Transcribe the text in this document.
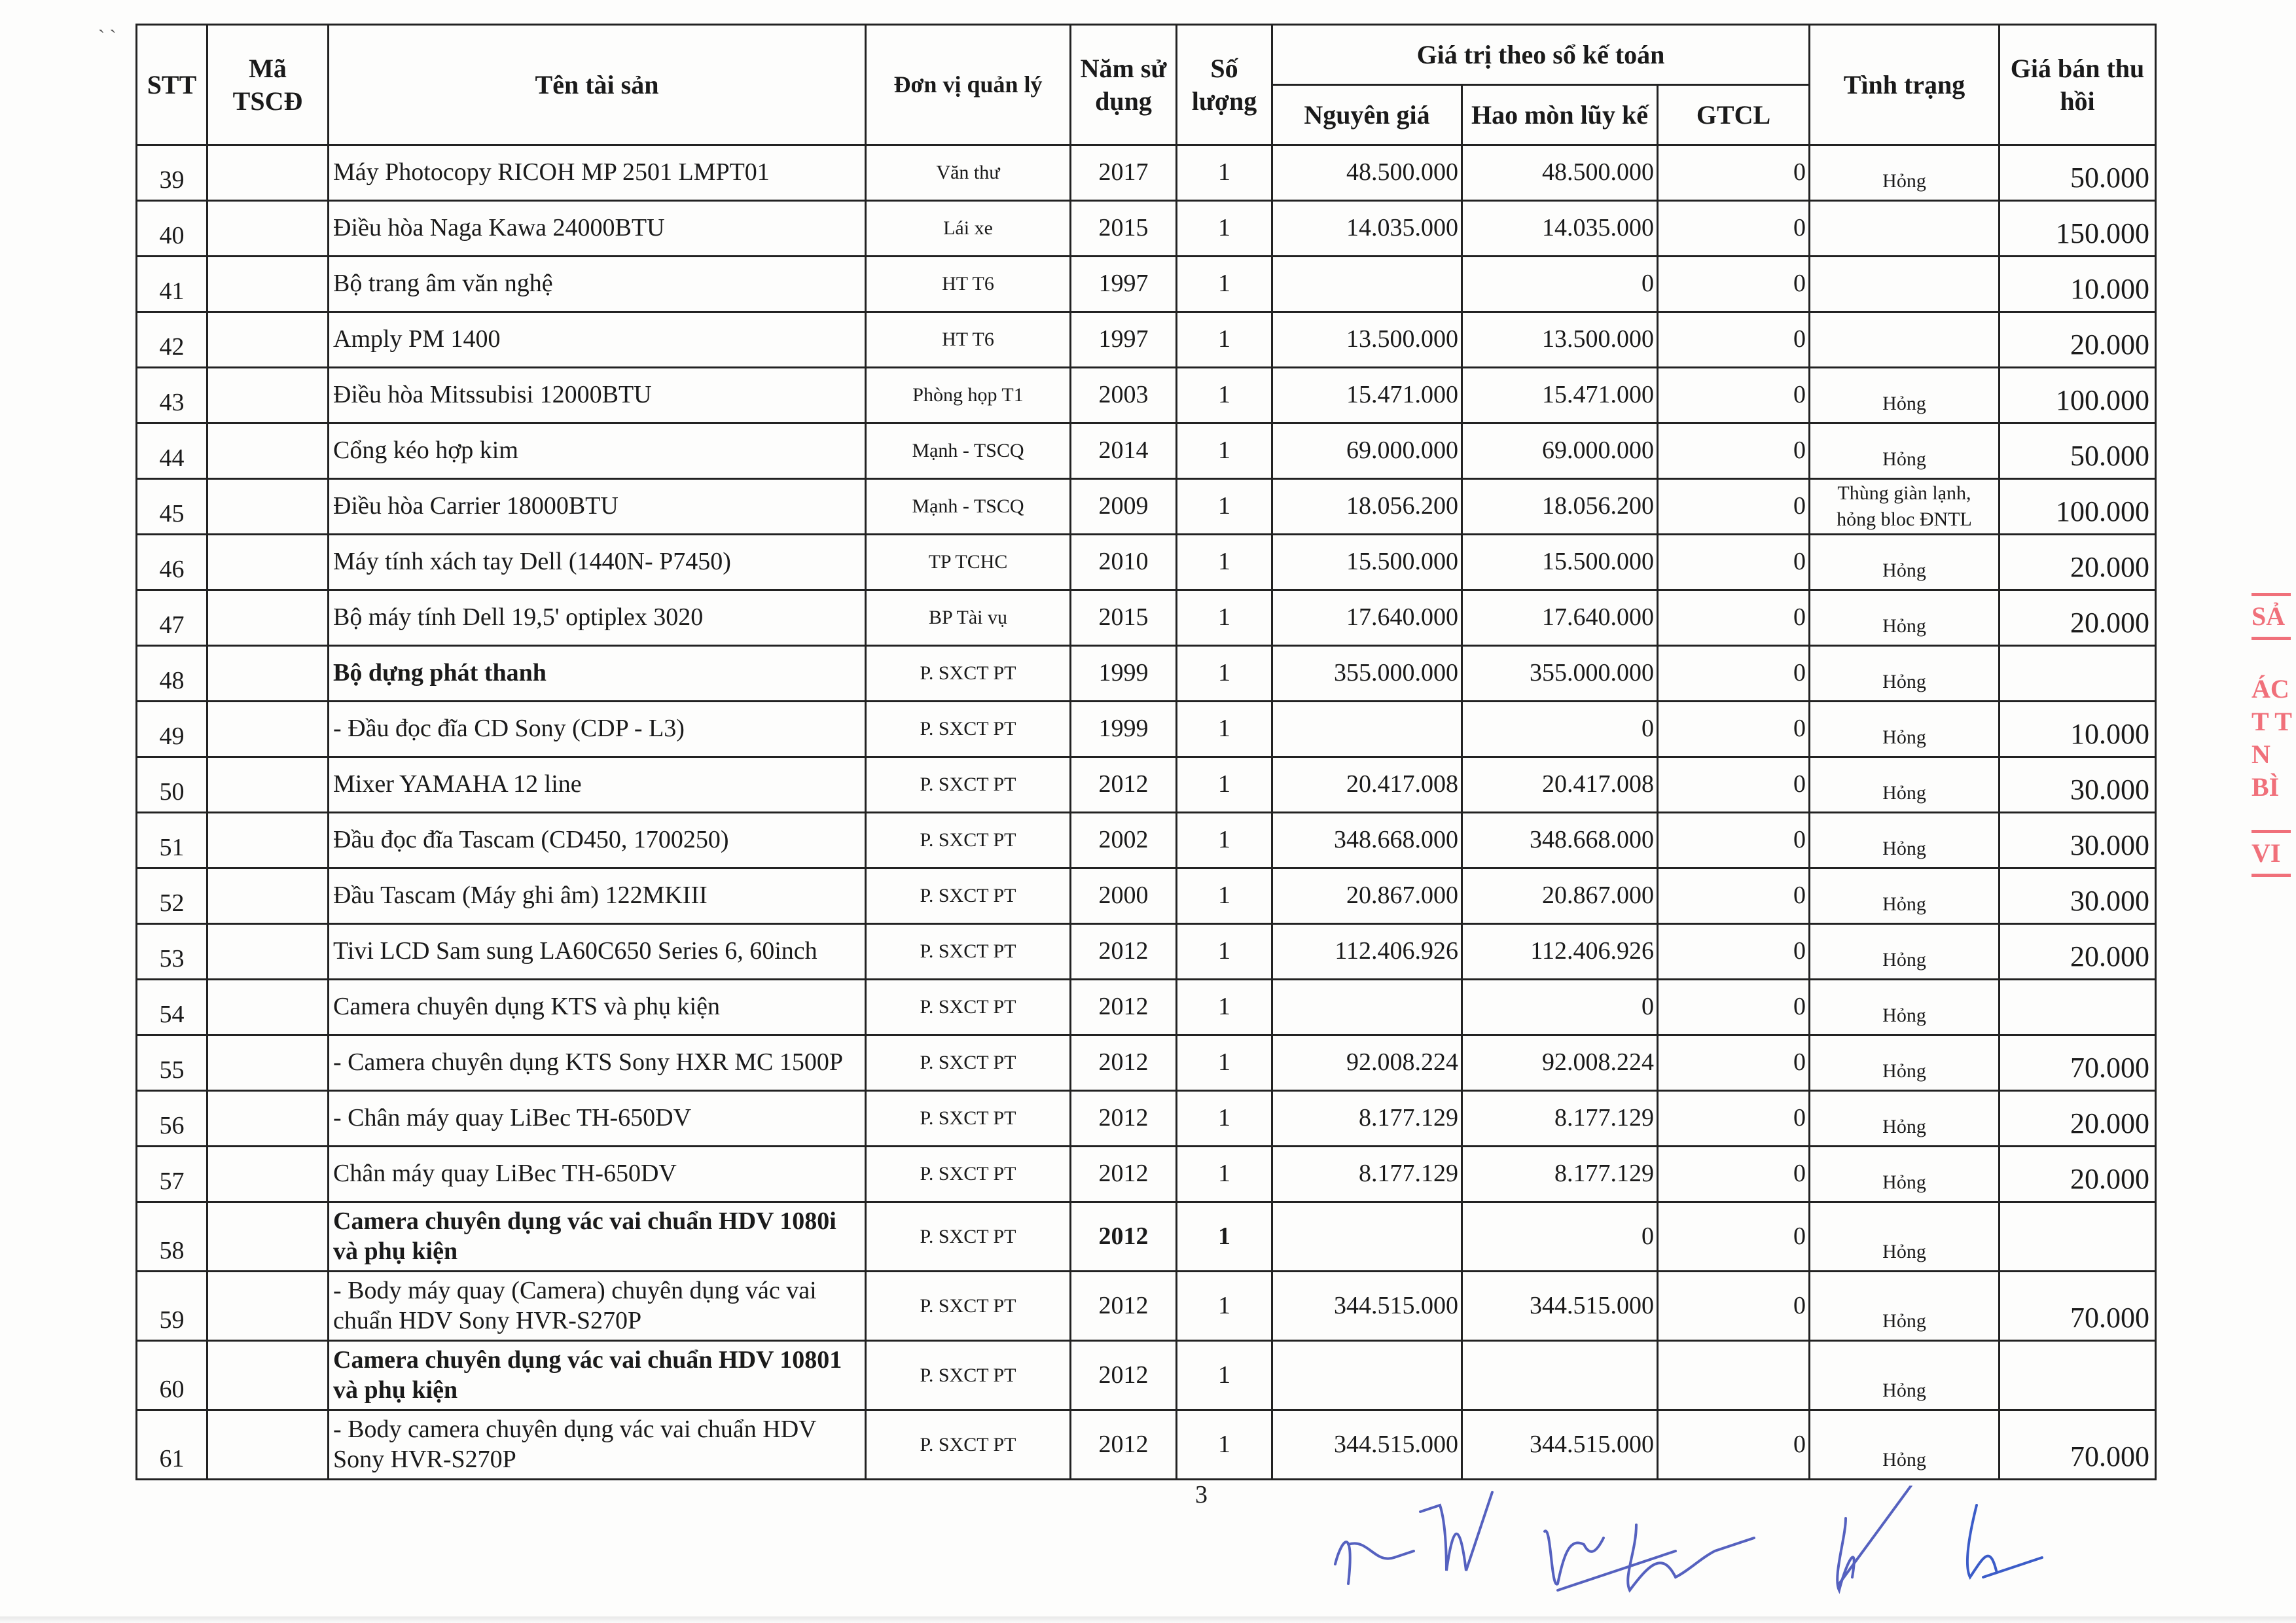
` `
STT	Mã TSCĐ	Tên tài sản	Đơn vị quản lý	Năm sử dụng	Số lượng	Giá trị theo sổ kế toán			Tình trạng	Giá bán thu hồi
						Nguyên giá	Hao mòn lũy kế	GTCL		
39		Máy Photocopy RICOH MP 2501 LMPT01	Văn thư	2017	1	48.500.000	48.500.000	0	Hỏng	50.000
40		Điều hòa Naga Kawa 24000BTU	Lái xe	2015	1	14.035.000	14.035.000	0		150.000
41		Bộ trang âm văn nghệ	HT T6	1997	1		0	0		10.000
42		Amply PM 1400	HT T6	1997	1	13.500.000	13.500.000	0		20.000
43		Điều hòa Mitssubisi 12000BTU	Phòng họp T1	2003	1	15.471.000	15.471.000	0	Hỏng	100.000
44		Cổng kéo hợp kim	Mạnh - TSCQ	2014	1	69.000.000	69.000.000	0	Hỏng	50.000
45		Điều hòa Carrier 18000BTU	Mạnh - TSCQ	2009	1	18.056.200	18.056.200	0	Thùng giàn lạnh, hỏng bloc ĐNTL	100.000
46		Máy tính xách tay Dell (1440N- P7450)	TP TCHC	2010	1	15.500.000	15.500.000	0	Hỏng	20.000
47		Bộ máy tính Dell 19,5' optiplex 3020	BP Tài vụ	2015	1	17.640.000	17.640.000	0	Hỏng	20.000
48		Bộ dựng phát thanh	P. SXCT PT	1999	1	355.000.000	355.000.000	0	Hỏng	
49		- Đầu đọc đĩa CD Sony (CDP - L3)	P. SXCT PT	1999	1		0	0	Hỏng	10.000
50		Mixer YAMAHA 12 line	P. SXCT PT	2012	1	20.417.008	20.417.008	0	Hỏng	30.000
51		Đầu đọc đĩa Tascam (CD450, 1700250)	P. SXCT PT	2002	1	348.668.000	348.668.000	0	Hỏng	30.000
52		Đầu Tascam (Máy ghi âm) 122MKIII	P. SXCT PT	2000	1	20.867.000	20.867.000	0	Hỏng	30.000
53		Tivi LCD Sam sung LA60C650 Series 6, 60inch	P. SXCT PT	2012	1	112.406.926	112.406.926	0	Hỏng	20.000
54		Camera chuyên dụng KTS và phụ kiện	P. SXCT PT	2012	1		0	0	Hỏng	
55		- Camera chuyên dụng KTS Sony HXR MC 1500P	P. SXCT PT	2012	1	92.008.224	92.008.224	0	Hỏng	70.000
56		- Chân máy quay LiBec TH-650DV	P. SXCT PT	2012	1	8.177.129	8.177.129	0	Hỏng	20.000
57		Chân máy quay LiBec TH-650DV	P. SXCT PT	2012	1	8.177.129	8.177.129	0	Hỏng	20.000
58		Camera chuyên dụng vác vai chuẩn HDV 1080i và phụ kiện	P. SXCT PT	2012	1		0	0	Hỏng	
59		- Body máy quay (Camera) chuyên dụng vác vai chuẩn HDV Sony HVR-S270P	P. SXCT PT	2012	1	344.515.000	344.515.000	0	Hỏng	70.000
60		Camera chuyên dụng vác vai chuẩn HDV 10801 và phụ kiện	P. SXCT PT	2012	1				Hỏng	
61		- Body camera chuyên dụng vác vai chuẩn HDV Sony HVR-S270P	P. SXCT PT	2012	1	344.515.000	344.515.000	0	Hỏng	70.000
3
SẢ
ÁC
T T
N
BÌ
VI
